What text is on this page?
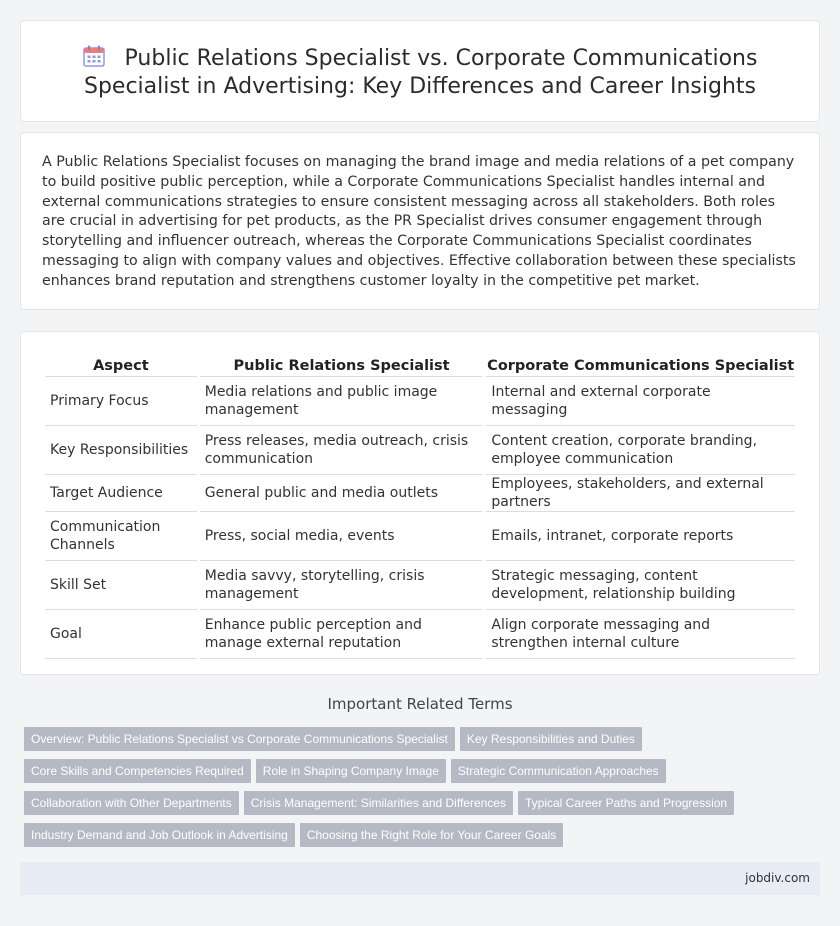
Public Relations Specialist vs. Corporate Communications Specialist in Advertising: Key Differences and Career Insights

A Public Relations Specialist focuses on managing the brand image and media relations of a pet company to build positive public perception, while a Corporate Communications Specialist handles internal and external communications strategies to ensure consistent messaging across all stakeholders. Both roles are crucial in advertising for pet products, as the PR Specialist drives consumer engagement through storytelling and influencer outreach, whereas the Corporate Communications Specialist coordinates messaging to align with company values and objectives. Effective collaboration between these specialists enhances brand reputation and strengthens customer loyalty in the competitive pet market.

Aspect	Public Relations Specialist	Corporate Communications Specialist
Primary Focus	Media relations and public image management	Internal and external corporate messaging
Key Responsibilities	Press releases, media outreach, crisis communication	Content creation, corporate branding, employee communication
Target Audience	General public and media outlets	Employees, stakeholders, and external partners
Communication Channels	Press, social media, events	Emails, intranet, corporate reports
Skill Set	Media savvy, storytelling, crisis management	Strategic messaging, content development, relationship building
Goal	Enhance public perception and manage external reputation	Align corporate messaging and strengthen internal culture
Important Related Terms
Overview: Public Relations Specialist vs Corporate Communications Specialist Key Responsibilities and Duties
Core Skills and Competencies Required Role in Shaping Company Image Strategic Communication Approaches
Collaboration with Other Departments Crisis Management: Similarities and Differences Typical Career Paths and Progression
Industry Demand and Job Outlook in Advertising Choosing the Right Role for Your Career Goals
jobdiv.com
